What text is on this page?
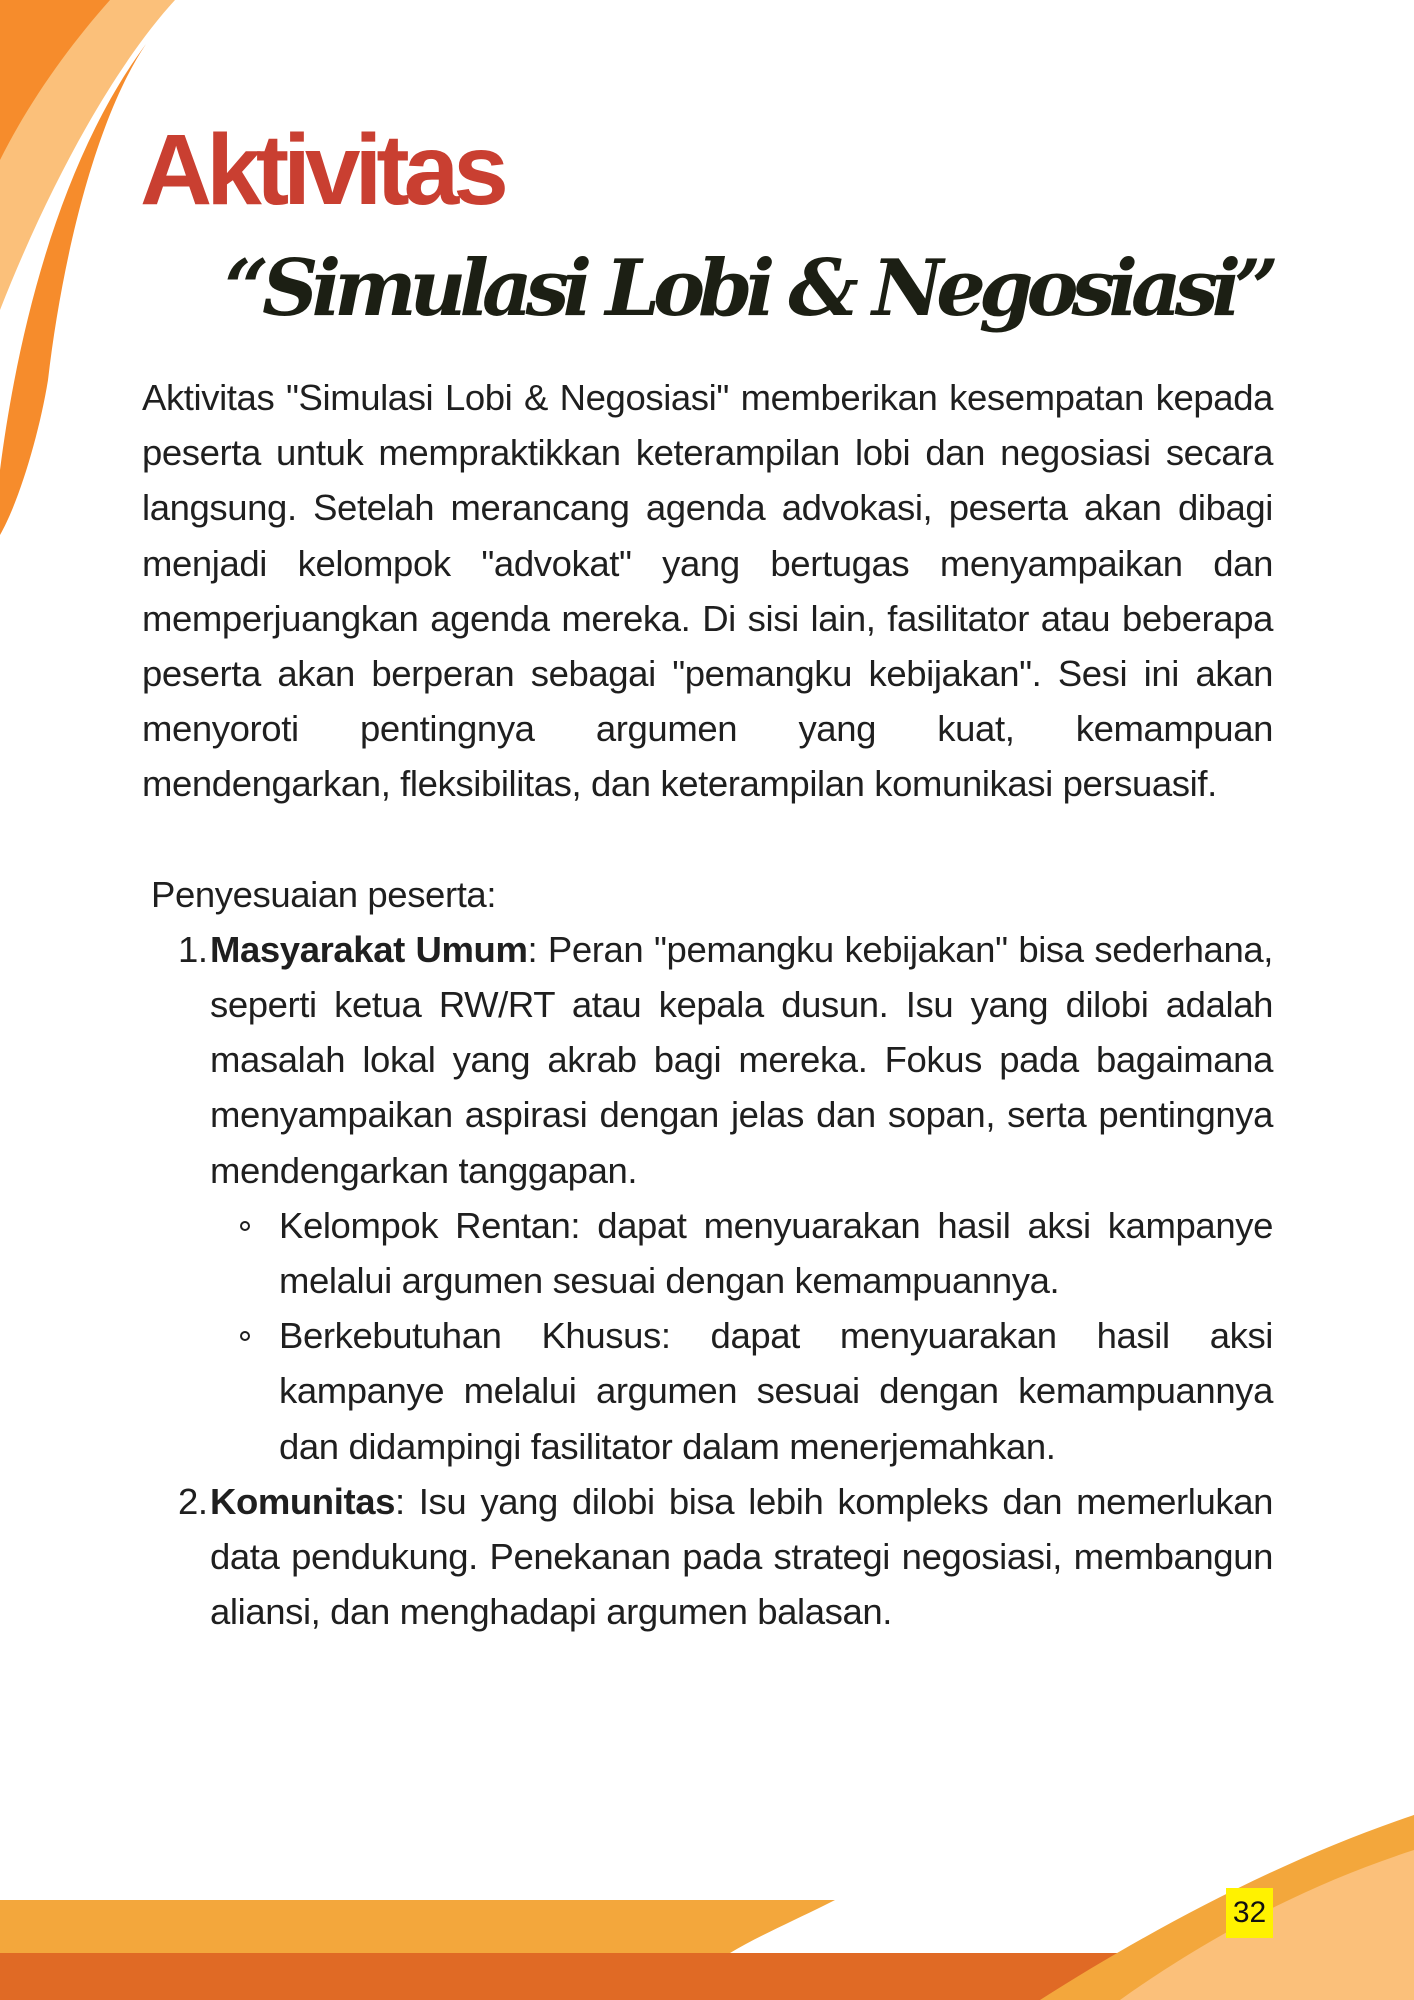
Aktivitas
“Simulasi Lobi & Negosiasi”

Aktivitas "Simulasi Lobi & Negosiasi" memberikan kesempatan kepada peserta untuk mempraktikkan keterampilan lobi dan negosiasi secara langsung. Setelah merancang agenda advokasi, peserta akan dibagi menjadi kelompok "advokat" yang bertugas menyampaikan dan memperjuangkan agenda mereka. Di sisi lain, fasilitator atau beberapa peserta akan berperan sebagai "pemangku kebijakan". Sesi ini akan menyoroti pentingnya argumen yang kuat, kemampuan mendengarkan, fleksibilitas, dan keterampilan komunikasi persuasif.

Penyesuaian peserta:

1. Masyarakat Umum: Peran "pemangku kebijakan" bisa sederhana, seperti ketua RW/RT atau kepala dusun. Isu yang dilobi adalah masalah lokal yang akrab bagi mereka. Fokus pada bagaimana menyampaikan aspirasi dengan jelas dan sopan, serta pentingnya mendengarkan tanggapan.

Kelompok Rentan: dapat menyuarakan hasil aksi kampanye melalui argumen sesuai dengan kemampuannya.
Berkebutuhan Khusus: dapat menyuarakan hasil aksi kampanye melalui argumen sesuai dengan kemampuannya dan didampingi fasilitator dalam menerjemahkan.
2. Komunitas: Isu yang dilobi bisa lebih kompleks dan memerlukan data pendukung. Penekanan pada strategi negosiasi, membangun aliansi, dan menghadapi argumen balasan.

32
